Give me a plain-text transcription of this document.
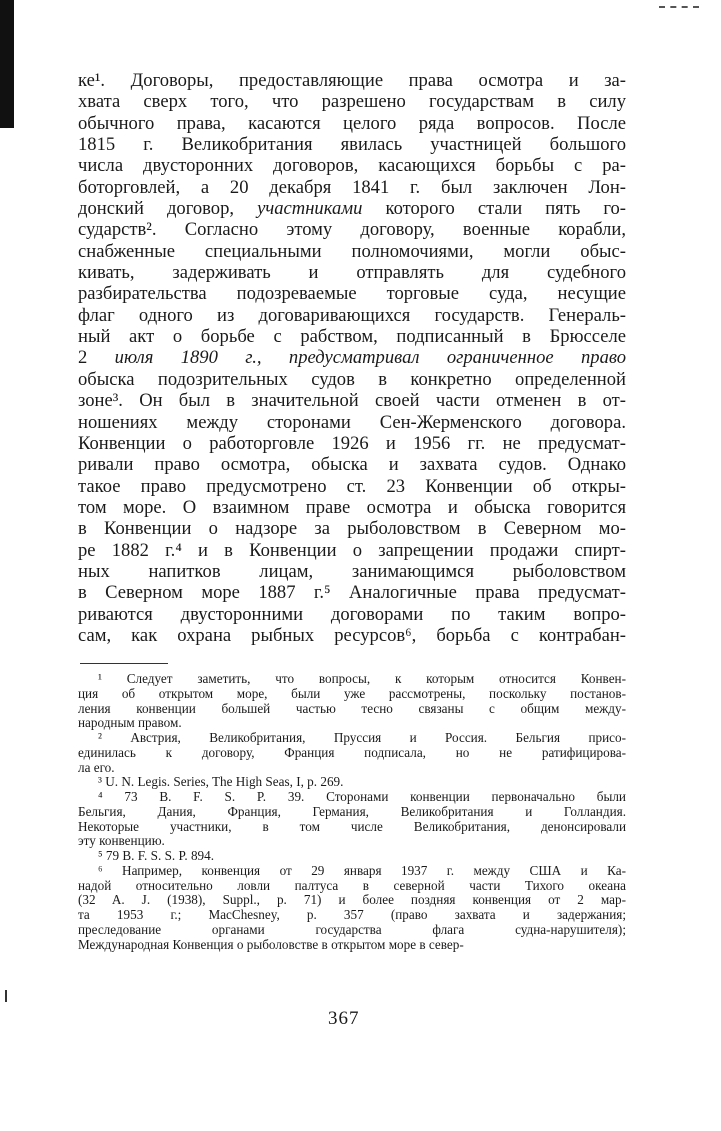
ке¹. Договоры, предоставляющие права осмотра и за-
хвата сверх того, что разрешено государствам в силу
обычного права, касаются целого ряда вопросов. После
1815 г. Великобритания явилась участницей большого
числа двусторонних договоров, касающихся борьбы с ра-
боторговлей, а 20 декабря 1841 г. был заключен Лон-
донский договор, участниками которого стали пять го-
сударств². Согласно этому договору, военные корабли,
снабженные специальными полномочиями, могли обыс-
кивать, задерживать и отправлять для судебного
разбирательства подозреваемые торговые суда, несущие
флаг одного из договаривающихся государств. Генераль-
ный акт о борьбе с рабством, подписанный в Брюсселе
2 июля 1890 г., предусматривал ограниченное право
обыска подозрительных судов в конкретно определенной
зоне³. Он был в значительной своей части отменен в от-
ношениях между сторонами Сен-Жерменского договора.
Конвенции о работорговле 1926 и 1956 гг. не предусмат-
ривали право осмотра, обыска и захвата судов. Однако
такое право предусмотрено ст. 23 Конвенции об откры-
том море. О взаимном праве осмотра и обыска говорится
в Конвенции о надзоре за рыболовством в Северном мо-
ре 1882 г.⁴ и в Конвенции о запрещении продажи спирт-
ных напитков лицам, занимающимся рыболовством
в Северном море 1887 г.⁵ Аналогичные права предусмат-
риваются двусторонними договорами по таким вопро-
сам, как охрана рыбных ресурсов⁶, борьба с контрабан-
¹ Следует заметить, что вопросы, к которым относится Конвен-
ция об открытом море, были уже рассмотрены, поскольку постанов-
ления конвенции большей частью тесно связаны с общим между-
народным правом.
² Австрия, Великобритания, Пруссия и Россия. Бельгия присо-
единилась к договору, Франция подписала, но не ратифицирова-
ла его.
³ U. N. Legis. Series, The High Seas, I, p. 269.
⁴ 73 B. F. S. P. 39. Сторонами конвенции первоначально были
Бельгия, Дания, Франция, Германия, Великобритания и Голландия.
Некоторые участники, в том числе Великобритания, денонсировали
эту конвенцию.
⁵ 79 B. F. S. S. P. 894.
⁶ Например, конвенция от 29 января 1937 г. между США и Ка-
надой относительно ловли палтуса в северной части Тихого океана
(32 A. J. (1938), Suppl., p. 71) и более поздняя конвенция от 2 мар-
та 1953 г.; MacChesney, p. 357 (право захвата и задержания;
преследование органами государства флага судна-нарушителя);
Международная Конвенция о рыболовстве в открытом море в север-
367
